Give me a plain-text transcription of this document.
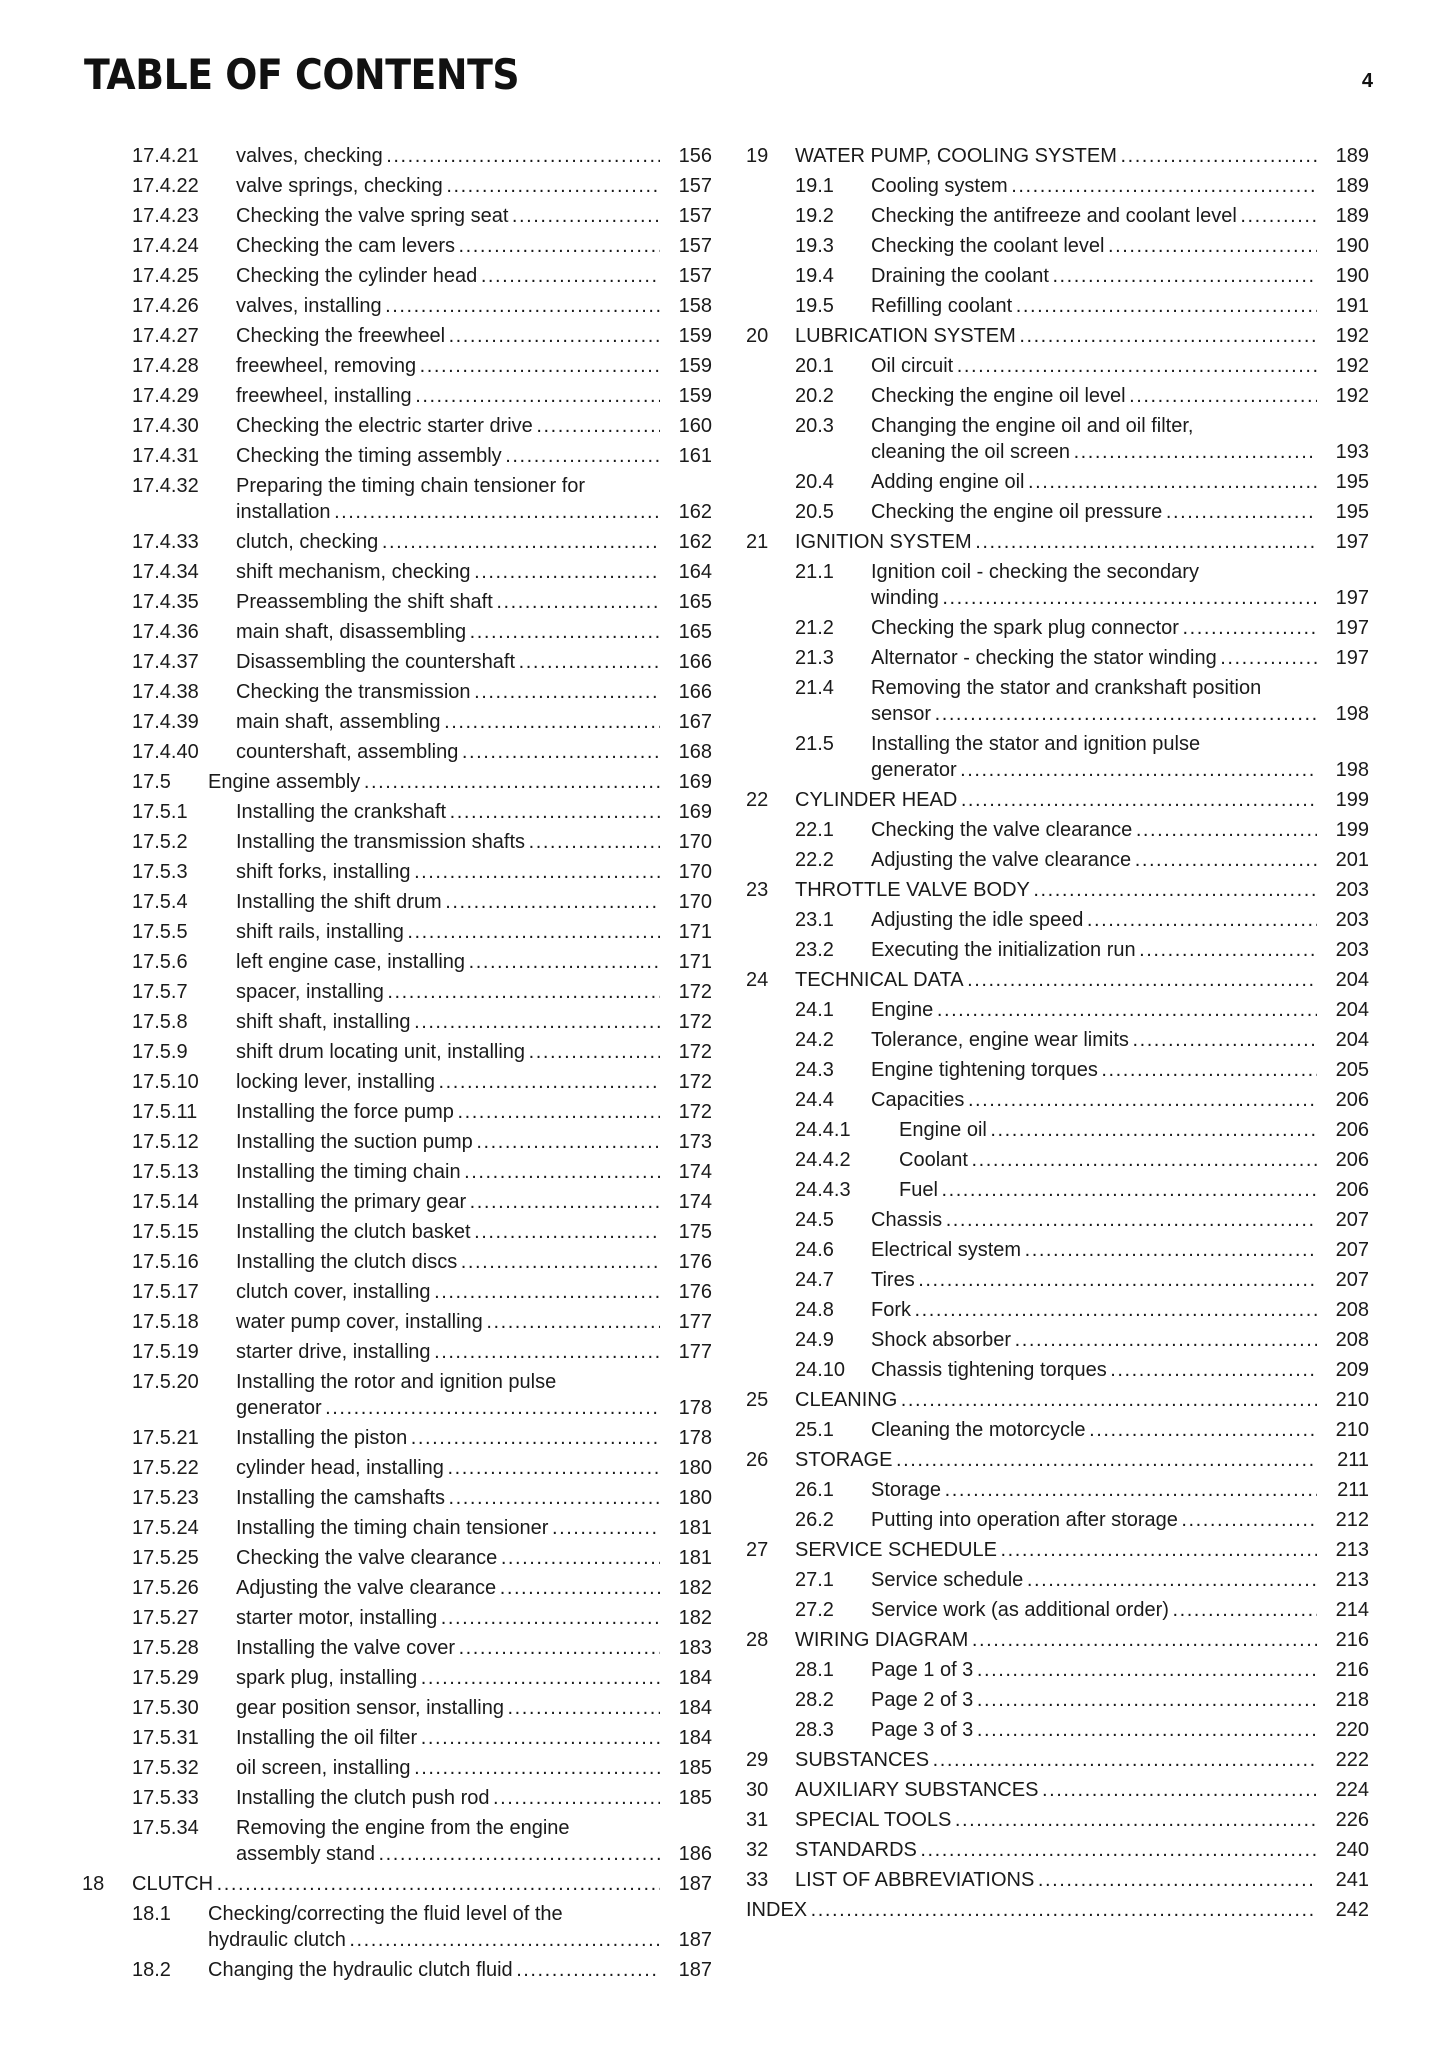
TABLE OF CONTENTS	4
17.4.21	valves, checking . . .	156
17.4.22	valve springs, checking . . .	157
17.4.23	Checking the valve spring seat . . .	157
17.4.24	Checking the cam levers . . .	157
17.4.25	Checking the cylinder head . . .	157
17.4.26	valves, installing . . .	158
17.4.27	Checking the freewheel . . .	159
17.4.28	freewheel, removing . . .	159
17.4.29	freewheel, installing . . .	159
17.4.30	Checking the electric starter drive . . .	160
17.4.31	Checking the timing assembly . . .	161
17.4.32	Preparing the timing chain tensioner for
installation . . .	162
17.4.33	clutch, checking . . .	162
17.4.34	shift mechanism, checking . . .	164
17.4.35	Preassembling the shift shaft . . .	165
17.4.36	main shaft, disassembling . . .	165
17.4.37	Disassembling the countershaft . . .	166
17.4.38	Checking the transmission . . .	166
17.4.39	main shaft, assembling . . .	167
17.4.40	countershaft, assembling . . .	168
17.5	Engine assembly . . .	169
17.5.1	Installing the crankshaft . . .	169
17.5.2	Installing the transmission shafts . . .	170
17.5.3	shift forks, installing . . .	170
17.5.4	Installing the shift drum . . .	170
17.5.5	shift rails, installing . . .	171
17.5.6	left engine case, installing . . .	171
17.5.7	spacer, installing . . .	172
17.5.8	shift shaft, installing . . .	172
17.5.9	shift drum locating unit, installing . . .	172
17.5.10	locking lever, installing . . .	172
17.5.11	Installing the force pump . . .	172
17.5.12	Installing the suction pump . . .	173
17.5.13	Installing the timing chain . . .	174
17.5.14	Installing the primary gear . . .	174
17.5.15	Installing the clutch basket . . .	175
17.5.16	Installing the clutch discs . . .	176
17.5.17	clutch cover, installing . . .	176
17.5.18	water pump cover, installing . . .	177
17.5.19	starter drive, installing . . .	177
17.5.20	Installing the rotor and ignition pulse
generator . . .	178
17.5.21	Installing the piston . . .	178
17.5.22	cylinder head, installing . . .	180
17.5.23	Installing the camshafts . . .	180
17.5.24	Installing the timing chain tensioner . . .	181
17.5.25	Checking the valve clearance . . .	181
17.5.26	Adjusting the valve clearance . . .	182
17.5.27	starter motor, installing . . .	182
17.5.28	Installing the valve cover . . .	183
17.5.29	spark plug, installing . . .	184
17.5.30	gear position sensor, installing . . .	184
17.5.31	Installing the oil filter . . .	184
17.5.32	oil screen, installing . . .	185
17.5.33	Installing the clutch push rod . . .	185
17.5.34	Removing the engine from the engine
assembly stand . . .	186
18	CLUTCH . . .	187
18.1	Checking/correcting the fluid level of the
hydraulic clutch . . .	187
18.2	Changing the hydraulic clutch fluid . . .	187
19	WATER PUMP, COOLING SYSTEM . . .	189
19.1	Cooling system . . .	189
19.2	Checking the antifreeze and coolant level . . .	189
19.3	Checking the coolant level . . .	190
19.4	Draining the coolant . . .	190
19.5	Refilling coolant . . .	191
20	LUBRICATION SYSTEM . . .	192
20.1	Oil circuit . . .	192
20.2	Checking the engine oil level . . .	192
20.3	Changing the engine oil and oil filter,
cleaning the oil screen . . .	193
20.4	Adding engine oil . . .	195
20.5	Checking the engine oil pressure . . .	195
21	IGNITION SYSTEM . . .	197
21.1	Ignition coil - checking the secondary
winding . . .	197
21.2	Checking the spark plug connector . . .	197
21.3	Alternator - checking the stator winding . . .	197
21.4	Removing the stator and crankshaft position
sensor . . .	198
21.5	Installing the stator and ignition pulse
generator . . .	198
22	CYLINDER HEAD . . .	199
22.1	Checking the valve clearance . . .	199
22.2	Adjusting the valve clearance . . .	201
23	THROTTLE VALVE BODY . . .	203
23.1	Adjusting the idle speed . . .	203
23.2	Executing the initialization run . . .	203
24	TECHNICAL DATA . . .	204
24.1	Engine . . .	204
24.2	Tolerance, engine wear limits . . .	204
24.3	Engine tightening torques . . .	205
24.4	Capacities . . .	206
24.4.1	Engine oil . . .	206
24.4.2	Coolant . . .	206
24.4.3	Fuel . . .	206
24.5	Chassis . . .	207
24.6	Electrical system . . .	207
24.7	Tires . . .	207
24.8	Fork . . .	208
24.9	Shock absorber . . .	208
24.10	Chassis tightening torques . . .	209
25	CLEANING . . .	210
25.1	Cleaning the motorcycle . . .	210
26	STORAGE . . .	211
26.1	Storage . . .	211
26.2	Putting into operation after storage . . .	212
27	SERVICE SCHEDULE . . .	213
27.1	Service schedule . . .	213
27.2	Service work (as additional order) . . .	214
28	WIRING DIAGRAM . . .	216
28.1	Page 1 of 3 . . .	216
28.2	Page 2 of 3 . . .	218
28.3	Page 3 of 3 . . .	220
29	SUBSTANCES . . .	222
30	AUXILIARY SUBSTANCES . . .	224
31	SPECIAL TOOLS . . .	226
32	STANDARDS . . .	240
33	LIST OF ABBREVIATIONS . . .	241
INDEX . . .	242
